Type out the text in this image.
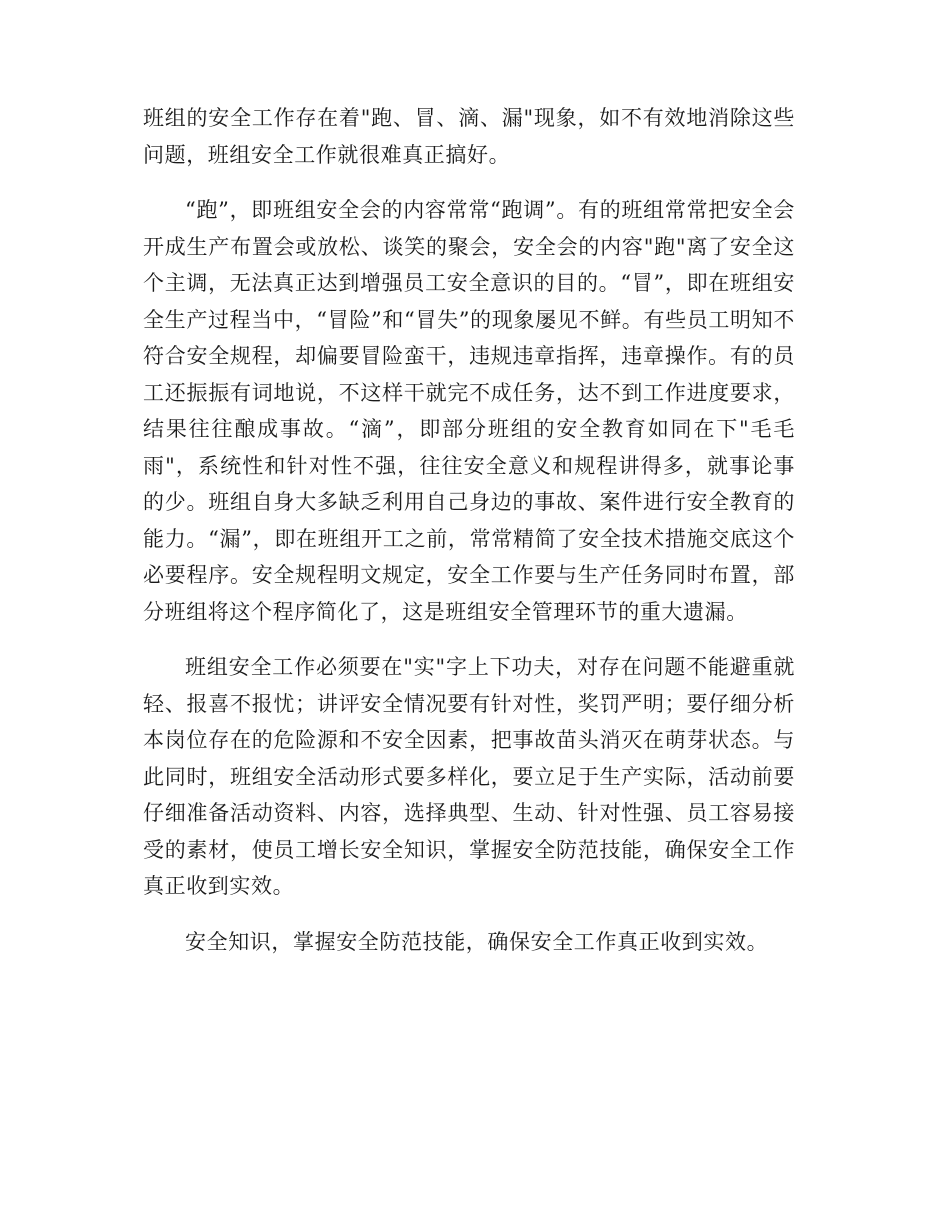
班组的安全工作存在着"跑、冒、滴、漏"现象，如不有效地消除这些问题，班组安全工作就很难真正搞好。

“跑”，即班组安全会的内容常常“跑调”。有的班组常常把安全会开成生产布置会或放松、谈笑的聚会，安全会的内容"跑"离了安全这个主调，无法真正达到增强员工安全意识的目的。“冒”，即在班组安全生产过程当中，“冒险”和“冒失”的现象屡见不鲜。有些员工明知不符合安全规程，却偏要冒险蛮干，违规违章指挥，违章操作。有的员工还振振有词地说，不这样干就完不成任务，达不到工作进度要求，结果往往酿成事故。“滴”，即部分班组的安全教育如同在下"毛毛雨"，系统性和针对性不强，往往安全意义和规程讲得多，就事论事的少。班组自身大多缺乏利用自己身边的事故、案件进行安全教育的能力。“漏”，即在班组开工之前，常常精简了安全技术措施交底这个必要程序。安全规程明文规定，安全工作要与生产任务同时布置，部分班组将这个程序简化了，这是班组安全管理环节的重大遗漏。

班组安全工作必须要在"实"字上下功夫，对存在问题不能避重就轻、报喜不报忧；讲评安全情况要有针对性，奖罚严明；要仔细分析本岗位存在的危险源和不安全因素，把事故苗头消灭在萌芽状态。与此同时，班组安全活动形式要多样化，要立足于生产实际，活动前要仔细准备活动资料、内容，选择典型、生动、针对性强、员工容易接受的素材，使员工增长安全知识，掌握安全防范技能，确保安全工作真正收到实效。

安全知识，掌握安全防范技能，确保安全工作真正收到实效。
